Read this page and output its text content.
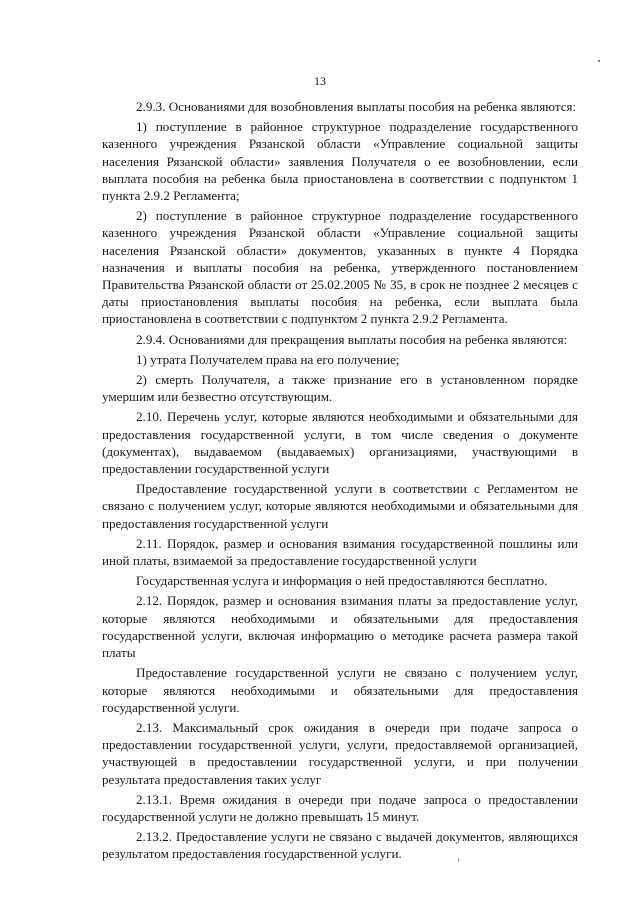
13

2.9.3. Основаниями для возобновления выплаты пособия на ребенка являются:

1) поступление в районное структурное подразделение государственного казенного учреждения Рязанской области «Управление социальной защиты населения Рязанской области» заявления Получателя о ее возобновлении, если выплата пособия на ребенка была приостановлена в соответствии с подпунктом 1 пункта 2.9.2 Регламента;

2) поступление в районное структурное подразделение государственного казенного учреждения Рязанской области «Управление социальной защиты населения Рязанской области» документов, указанных в пункте 4 Порядка назначения и выплаты пособия на ребенка, утвержденного постановлением Правительства Рязанской области от 25.02.2005 № 35, в срок не позднее 2 месяцев с даты приостановления выплаты пособия на ребенка, если выплата была приостановлена в соответствии с подпунктом 2 пункта 2.9.2 Регламента.

2.9.4. Основаниями для прекращения выплаты пособия на ребенка являются:

1) утрата Получателем права на его получение;

2) смерть Получателя, а также признание его в установленном порядке умершим или безвестно отсутствующим.

2.10. Перечень услуг, которые являются необходимыми и обязательными для предоставления государственной услуги, в том числе сведения о документе (документах), выдаваемом (выдаваемых) организациями, участвующими в предоставлении государственной услуги

Предоставление государственной услуги в соответствии с Регламентом не связано с получением услуг, которые являются необходимыми и обязательными для предоставления государственной услуги

2.11. Порядок, размер и основания взимания государственной пошлины или иной платы, взимаемой за предоставление государственной услуги

Государственная услуга и информация о ней предоставляются бесплатно.

2.12. Порядок, размер и основания взимания платы за предоставление услуг, которые являются необходимыми и обязательными для предоставления государственной услуги, включая информацию о методике расчета размера такой платы

Предоставление государственной услуги не связано с получением услуг, которые являются необходимыми и обязательными для предоставления государственной услуги.

2.13. Максимальный срок ожидания в очереди при подаче запроса о предоставлении государственной услуги, услуги, предоставляемой организацией, участвующей в предоставлении государственной услуги, и при получении результата предоставления таких услуг

2.13.1. Время ожидания в очереди при подаче запроса о предоставлении государственной услуги не должно превышать 15 минут.

2.13.2. Предоставление услуги не связано с выдачей документов, являющихся результатом предоставления государственной услуги.
